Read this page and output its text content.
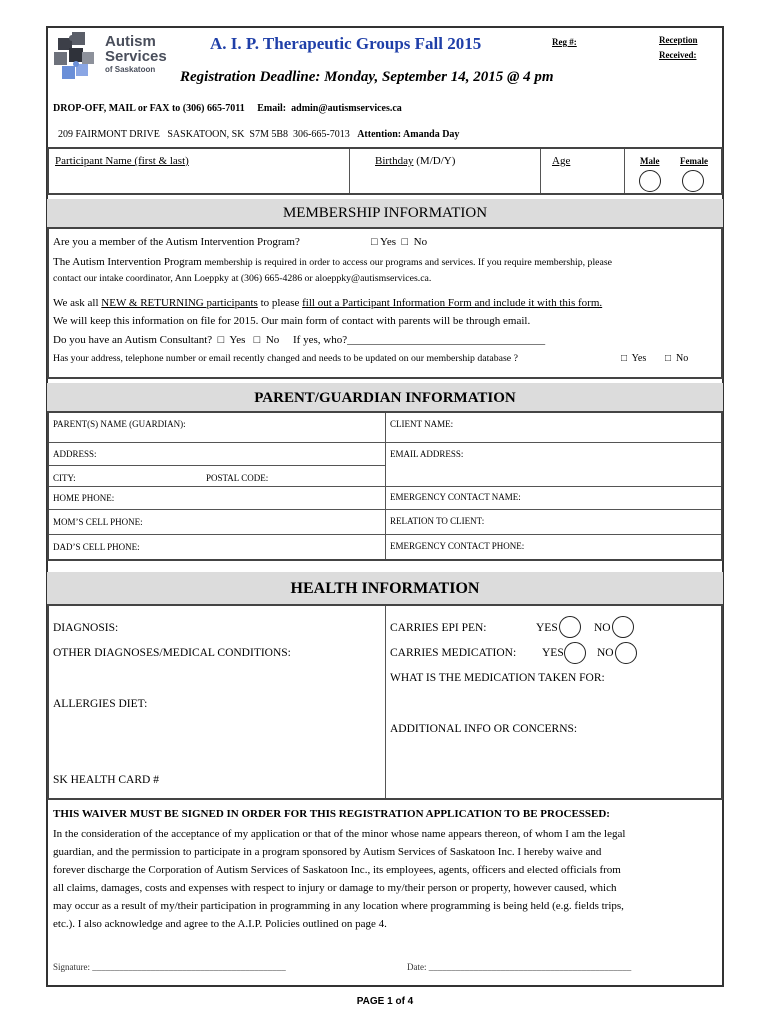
Autism
Services
of Saskatoon
A. I. P. Therapeutic Groups Fall 2015	Reg #:	Reception
Received:
Registration Deadline: Monday, September 14, 2015 @ 4 pm
DROP-OFF, MAIL or FAX to (306) 665-7011     Email:  admin@autismservices.ca

209 FAIRMONT DRIVE   SASKATOON, SK  S7M 5B8  306-665-7013 Attention: Amanda Day

Participant Name (first & last)	Birthday (M/D/Y)	Age	Male Female
MEMBERSHIP INFORMATION
Are you a member of the Autism Intervention Program?	□ Yes  □  No
The Autism Intervention Program membership is required in order to access our programs and services. If you require membership, please
contact our intake coordinator, Ann Loeppky at (306) 665-4286 or aloeppky@autismservices.ca.
We ask all NEW & RETURNING participants to please fill out a Participant Information Form and include it with this form.
We will keep this information on file for 2015. Our main form of contact with parents will be through email.
Do you have an Autism Consultant?  □  Yes   □  No     If yes, who?____________________________________
Has your address, telephone number or email recently changed and needs to be updated on our membership database ?	□  Yes □  No
PARENT/GUARDIAN INFORMATION
PARENT(S) NAME (GUARDIAN):	CLIENT NAME:
ADDRESS:	EMAIL ADDRESS:
CITY:	POSTAL CODE:
HOME PHONE:	EMERGENCY CONTACT NAME:
MOM’S CELL PHONE:	RELATION TO CLIENT:
DAD’S CELL PHONE:	EMERGENCY CONTACT PHONE:
HEALTH INFORMATION
DIAGNOSIS:	CARRIES EPI PEN:	YES	NO
OTHER DIAGNOSES/MEDICAL CONDITIONS:	CARRIES MEDICATION: YES	NO
WHAT IS THE MEDICATION TAKEN FOR:
ALLERGIES DIET:
ADDITIONAL INFO OR CONCERNS:
SK HEALTH CARD #
THIS WAIVER MUST BE SIGNED IN ORDER FOR THIS REGISTRATION APPLICATION TO BE PROCESSED:
In the consideration of the acceptance of my application or that of the minor whose name appears thereon, of whom I am the legal
guardian, and the permission to participate in a program sponsored by Autism Services of Saskatoon Inc. I hereby waive and
forever discharge the Corporation of Autism Services of Saskatoon Inc., its employees, agents, officers and elected officials from
all claims, damages, costs and expenses with respect to injury or damage to my/their person or property, however caused, which
may occur as a result of my/their participation in programming in any location where programming is being held (e.g. fields trips,
etc.). I also acknowledge and agree to the A.I.P. Policies outlined on page 4.
Signature: ___________________________________________	Date: _____________________________________________
PAGE 1 of 4
